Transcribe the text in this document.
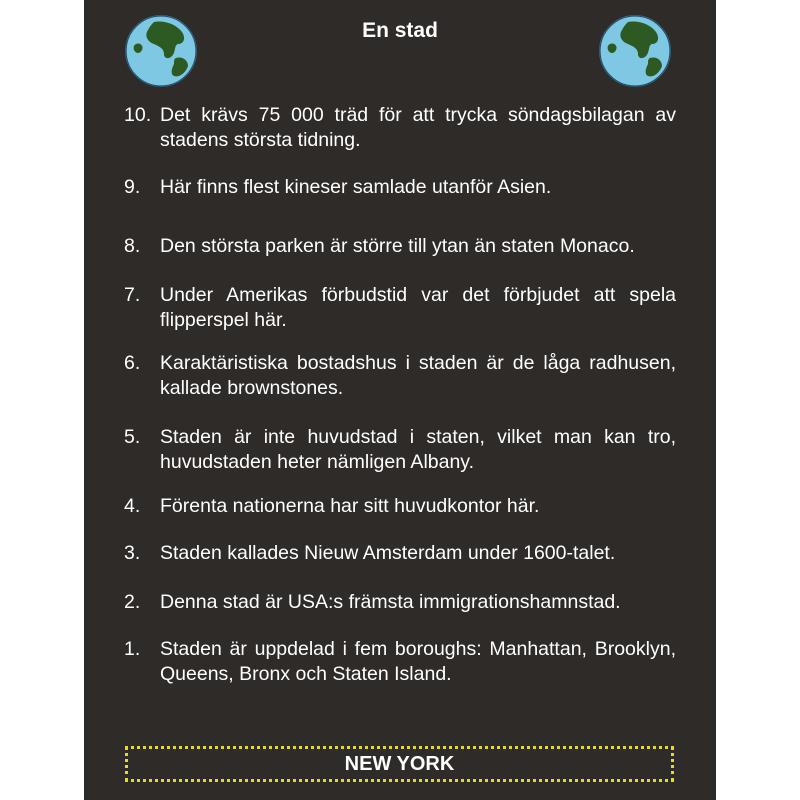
En stad
10. Det krävs 75 000 träd för att trycka söndagsbilagan av stadens största tidning.
9.	Här finns flest kineser samlade utanför Asien.
8.	Den största parken är större till ytan än staten Monaco.
7.	Under Amerikas förbudstid var det förbjudet att spela flipperspel här.
6.	Karaktäristiska bostadshus i staden är de låga radhusen, kallade brownstones.
5.	Staden är inte huvudstad i staten, vilket man kan tro, huvudstaden heter nämligen Albany.
4.	Förenta nationerna har sitt huvudkontor här.
3.	Staden kallades Nieuw Amsterdam under 1600-talet.
2.	Denna stad är USA:s främsta immigrationshamnstad.
1.	Staden är uppdelad i fem boroughs: Manhattan, Brooklyn, Queens, Bronx och Staten Island.
NEW YORK
